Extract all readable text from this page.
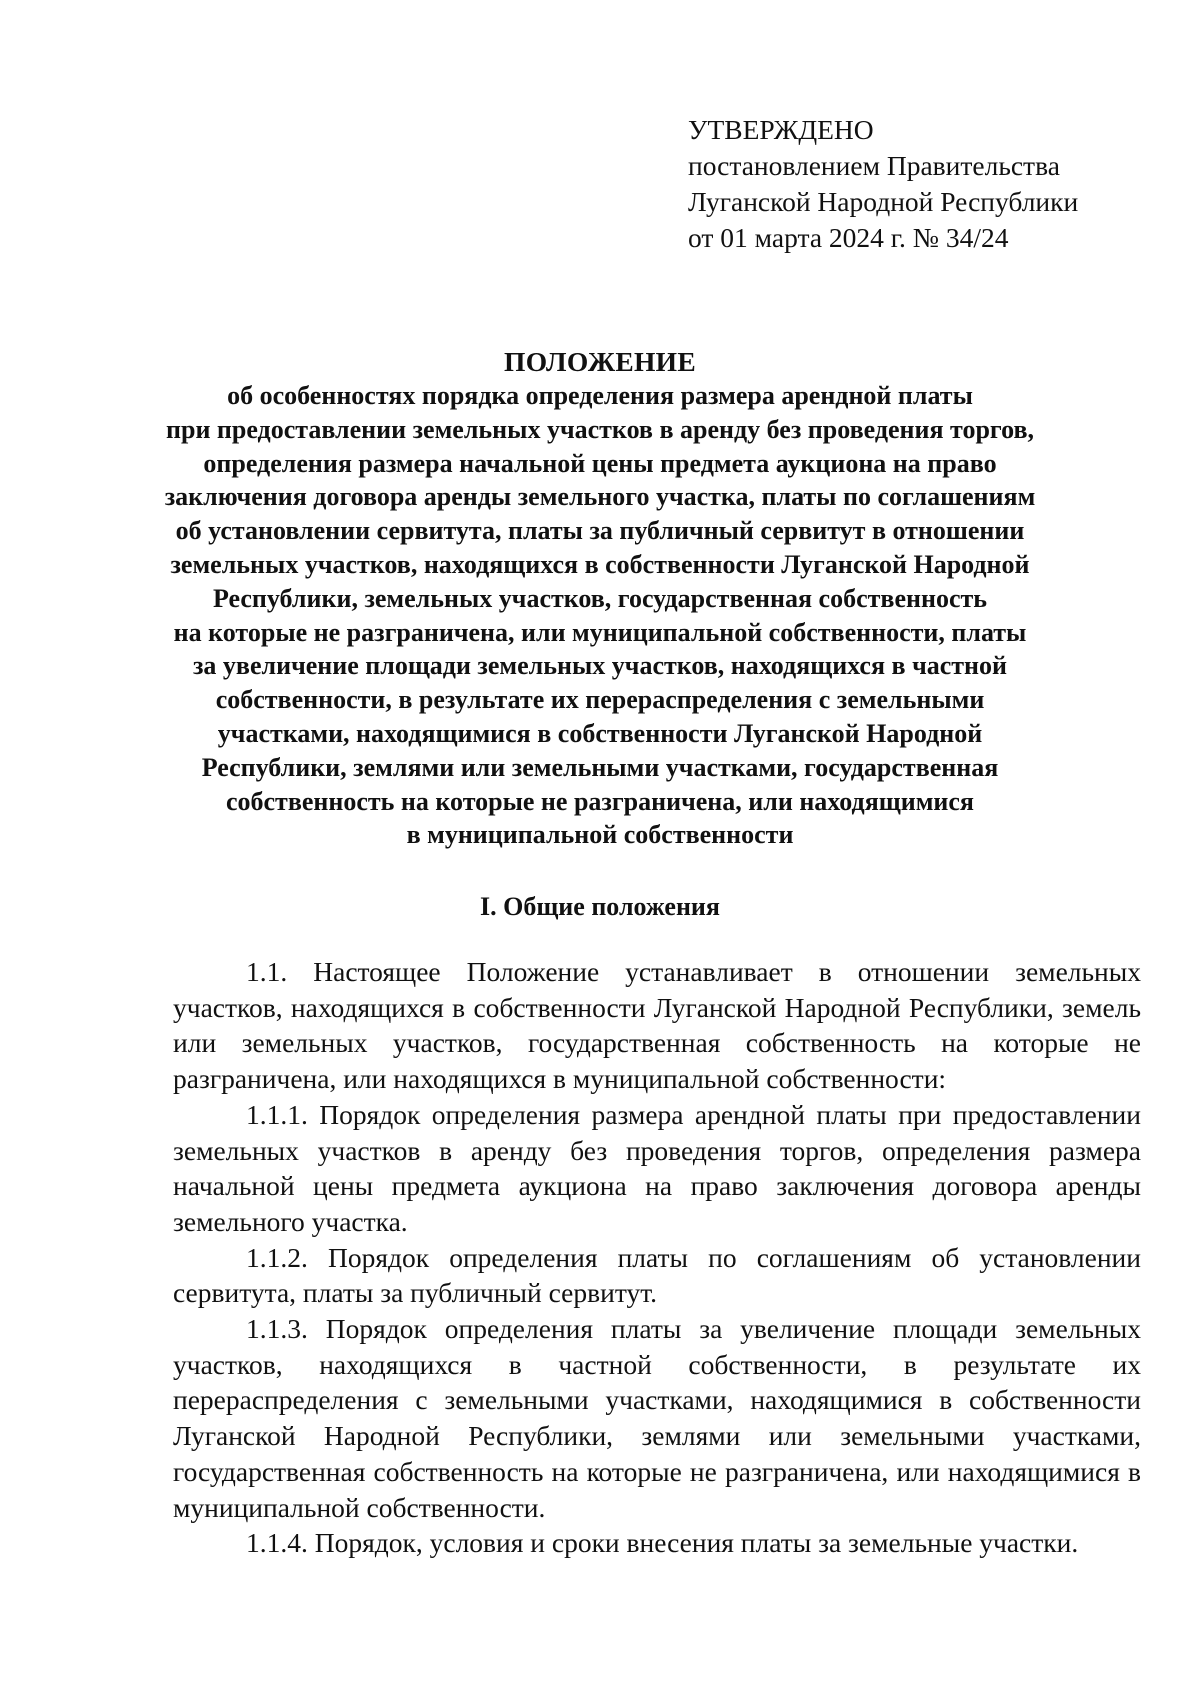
УТВЕРЖДЕНО
постановлением Правительства
Луганской Народной Республики
от 01 марта 2024 г. № 34/24
ПОЛОЖЕНИЕ
об особенностях порядка определения размера арендной платы
при предоставлении земельных участков в аренду без проведения торгов,
определения размера начальной цены предмета аукциона на право
заключения договора аренды земельного участка, платы по соглашениям
об установлении сервитута, платы за публичный сервитут в отношении
земельных участков, находящихся в собственности Луганской Народной
Республики, земельных участков, государственная собственность
на которые не разграничена, или муниципальной собственности, платы
за увеличение площади земельных участков, находящихся в частной
собственности, в результате их перераспределения с земельными
участками, находящимися в собственности Луганской Народной
Республики, землями или земельными участками, государственная
собственность на которые не разграничена, или находящимися
в муниципальной собственности
I. Общие положения

1.1. Настоящее Положение устанавливает в отношении земельных участков, находящихся в собственности Луганской Народной Республики, земель или земельных участков, государственная собственность на которые не разграничена, или находящихся в муниципальной собственности:

1.1.1. Порядок определения размера арендной платы при предоставлении земельных участков в аренду без проведения торгов, определения размера начальной цены предмета аукциона на право заключения договора аренды земельного участка.

1.1.2. Порядок определения платы по соглашениям об установлении сервитута, платы за публичный сервитут.

1.1.3. Порядок определения платы за увеличение площади земельных участков, находящихся в частной собственности, в результате их перераспределения с земельными участками, находящимися в собственности Луганской Народной Республики, землями или земельными участками, государственная собственность на которые не разграничена, или находящимися в муниципальной собственности.

1.1.4. Порядок, условия и сроки внесения платы за земельные участки.
